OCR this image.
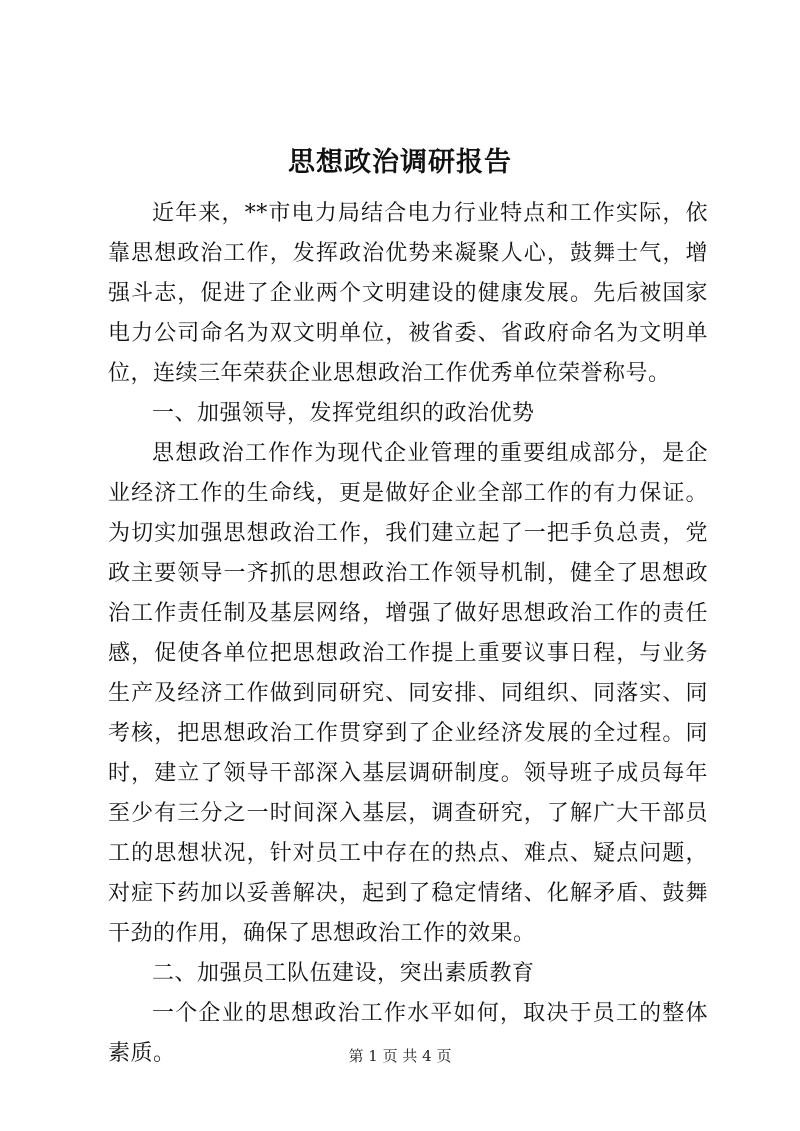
思想政治调研报告

近年来，**市电力局结合电力行业特点和工作实际，依靠思想政治工作，发挥政治优势来凝聚人心，鼓舞士气，增强斗志，促进了企业两个文明建设的健康发展。先后被国家电力公司命名为双文明单位，被省委、省政府命名为文明单位，连续三年荣获企业思想政治工作优秀单位荣誉称号。

一、加强领导，发挥党组织的政治优势

思想政治工作作为现代企业管理的重要组成部分，是企业经济工作的生命线，更是做好企业全部工作的有力保证。为切实加强思想政治工作，我们建立起了一把手负总责，党政主要领导一齐抓的思想政治工作领导机制，健全了思想政治工作责任制及基层网络，增强了做好思想政治工作的责任感，促使各单位把思想政治工作提上重要议事日程，与业务生产及经济工作做到同研究、同安排、同组织、同落实、同考核，把思想政治工作贯穿到了企业经济发展的全过程。同时，建立了领导干部深入基层调研制度。领导班子成员每年至少有三分之一时间深入基层，调查研究，了解广大干部员工的思想状况，针对员工中存在的热点、难点、疑点问题，对症下药加以妥善解决，起到了稳定情绪、化解矛盾、鼓舞干劲的作用，确保了思想政治工作的效果。

二、加强员工队伍建设，突出素质教育

一个企业的思想政治工作水平如何，取决于员工的整体素质。	第 1 页 共 4 页
